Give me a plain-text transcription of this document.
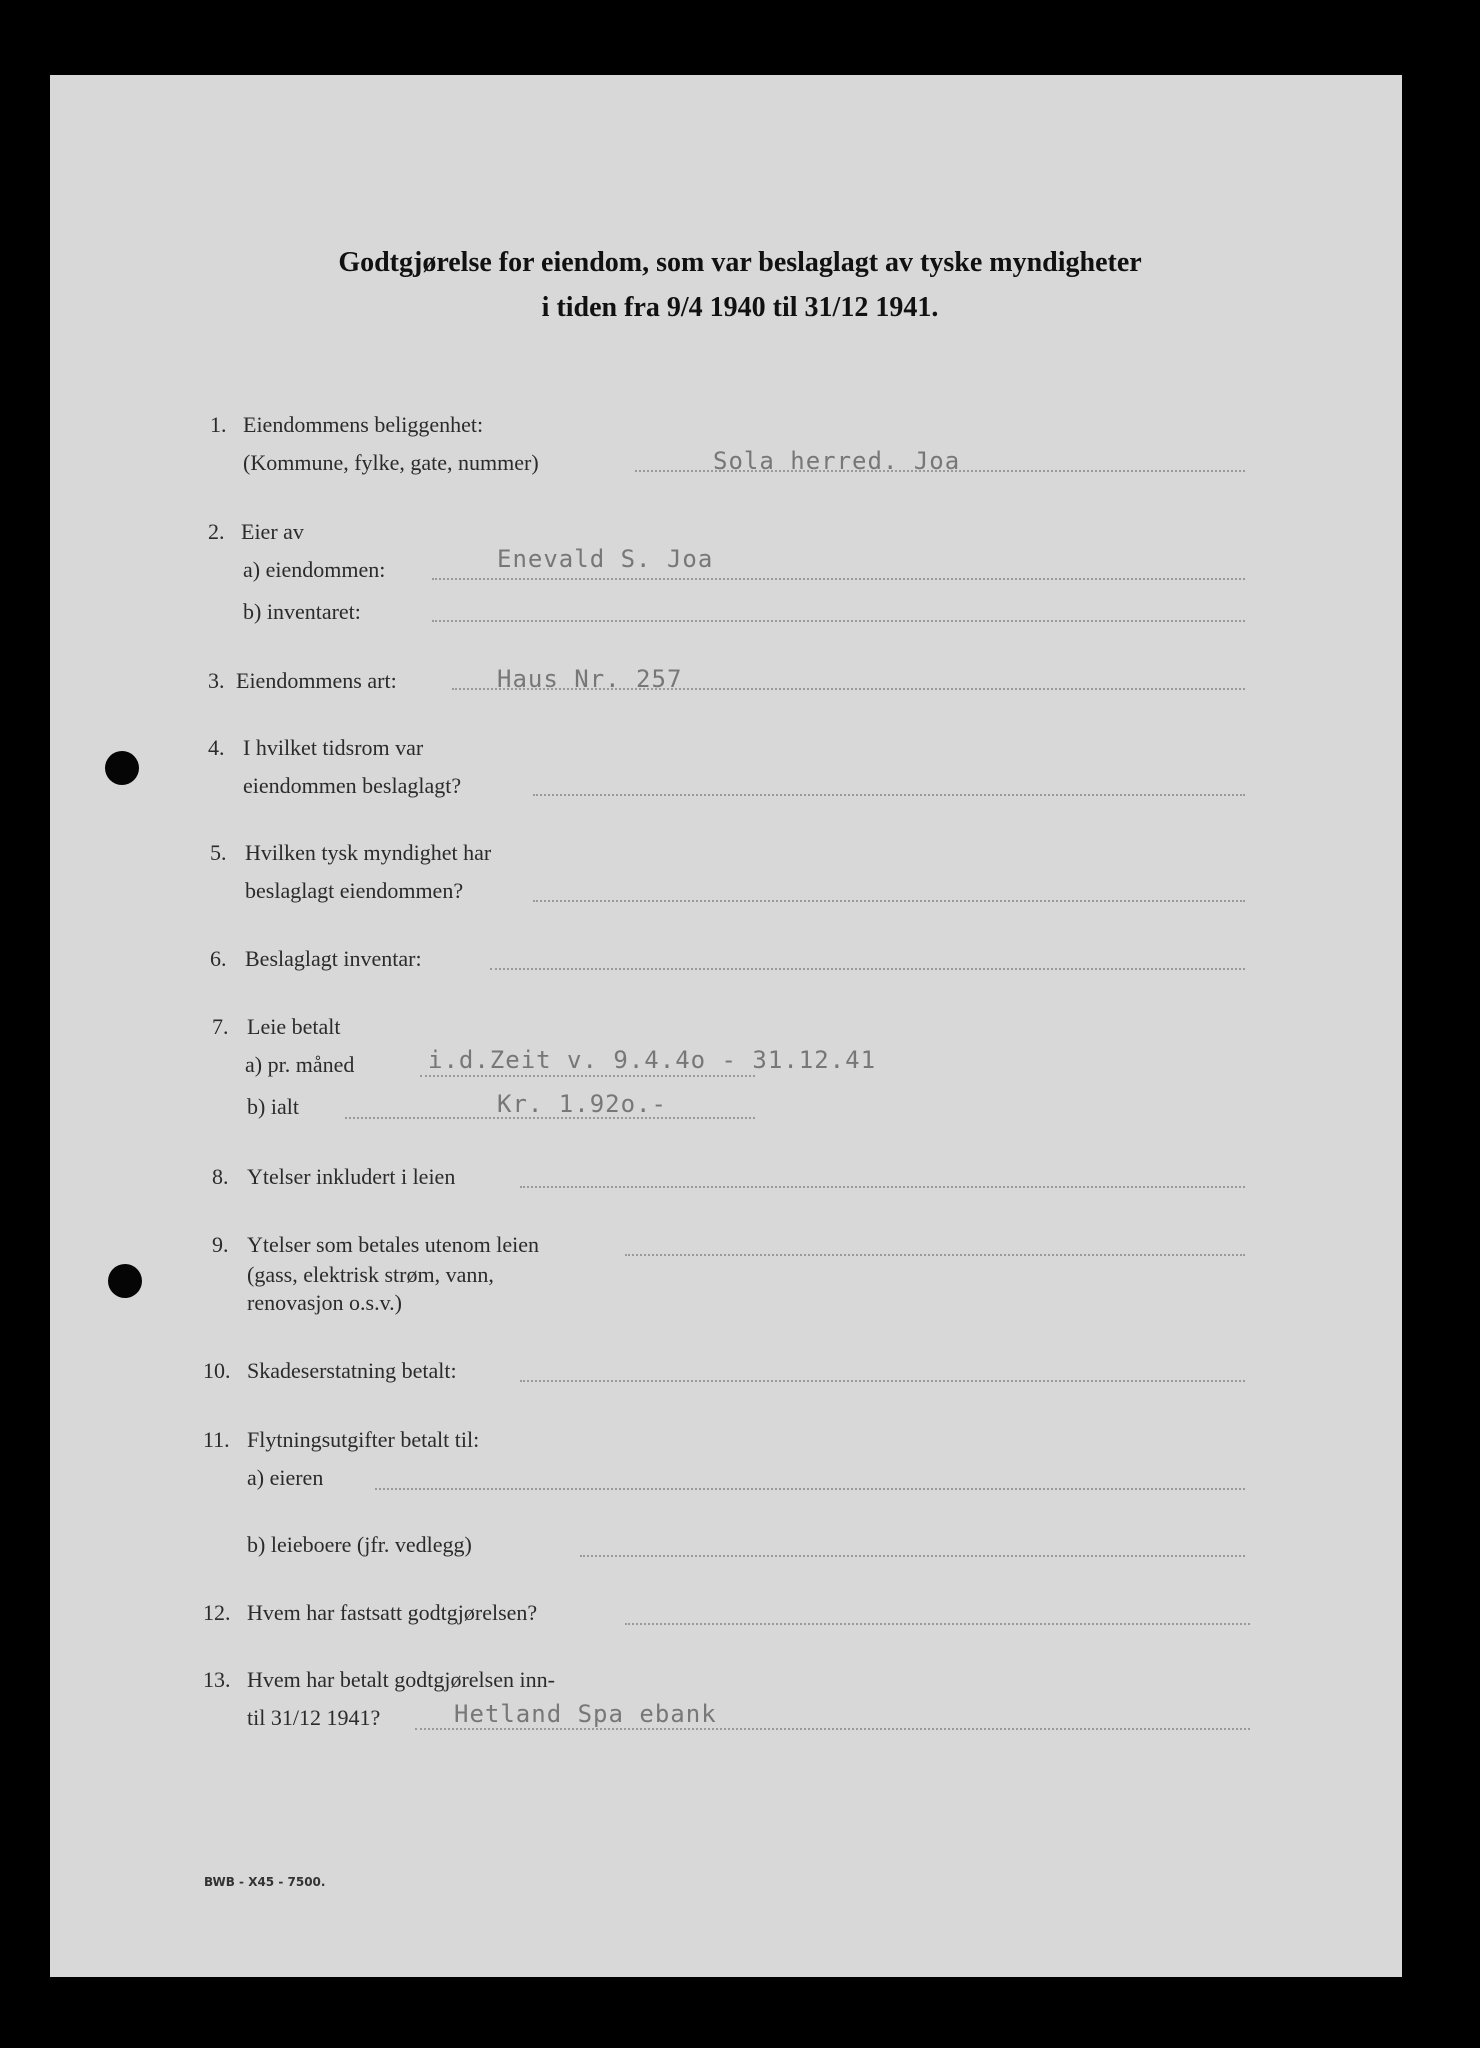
Godtgjørelse for eiendom, som var beslaglagt av tyske myndigheter
i tiden fra 9/4 1940 til 31/12 1941.
1. Eiendommens beliggenhet:
(Kommune, fylke, gate, nummer)	Sola herred. Joa
2. Eier av
a) eiendommen:	Enevald S. Joa
b) inventaret:
3. Eiendommens art:	Haus Nr. 257
4. I hvilket tidsrom var
eiendommen beslaglagt?
5. Hvilken tysk myndighet har
beslaglagt eiendommen?
6. Beslaglagt inventar:
7. Leie betalt
a) pr. måned	i.d.Zeit v. 9.4.4o - 31.12.41
b) ialt	Kr. 1.92o.-
8. Ytelser inkludert i leien
9. Ytelser som betales utenom leien
(gass, elektrisk strøm, vann,
renovasjon o.s.v.)
10. Skadeserstatning betalt:
11. Flytningsutgifter betalt til:
a) eieren
b) leieboere (jfr. vedlegg)
12. Hvem har fastsatt godtgjørelsen?
13. Hvem har betalt godtgjørelsen inn-
til 31/12 1941?	Hetland Spa ebank
BWB - X45 - 7500.
